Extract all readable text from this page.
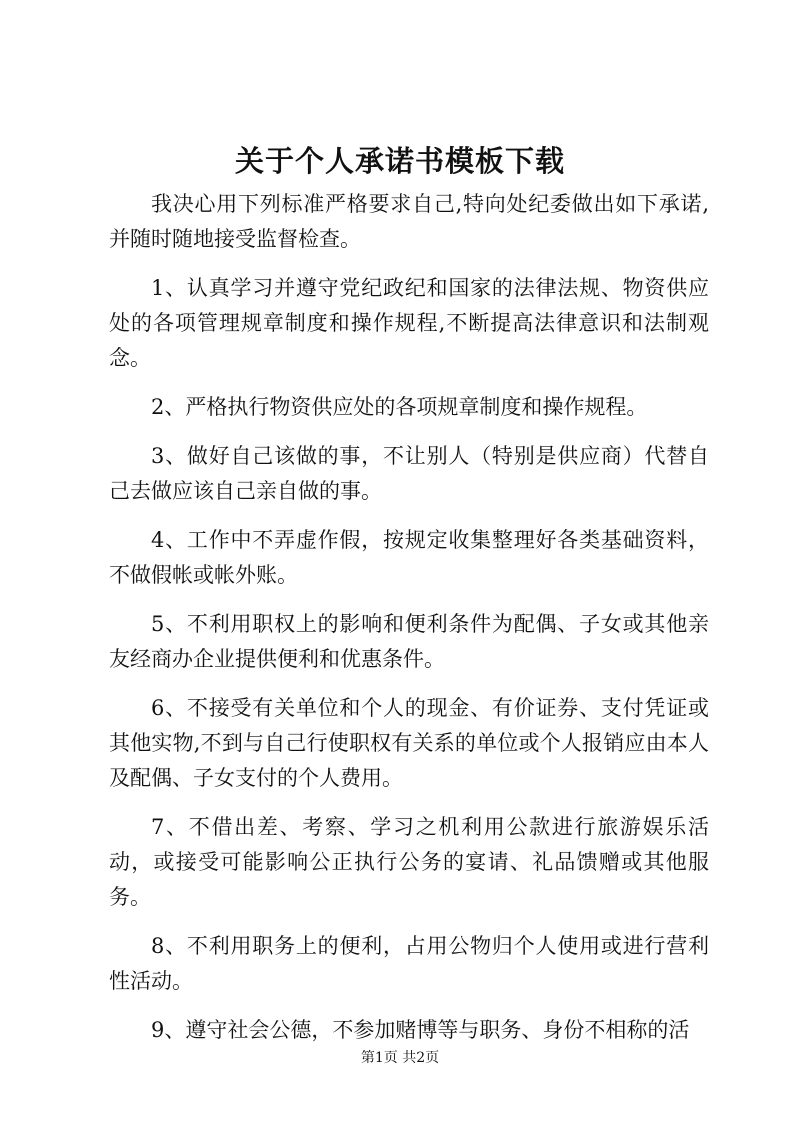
关于个人承诺书模板下载

我决心用下列标准严格要求自己,特向处纪委做出如下承诺,并随时随地接受监督检查。

1、认真学习并遵守党纪政纪和国家的法律法规、物资供应处的各项管理规章制度和操作规程,不断提高法律意识和法制观念。

2、严格执行物资供应处的各项规章制度和操作规程。

3、做好自己该做的事，不让别人（特别是供应商）代替自己去做应该自己亲自做的事。

4、工作中不弄虚作假，按规定收集整理好各类基础资料，不做假帐或帐外账。

5、不利用职权上的影响和便利条件为配偶、子女或其他亲友经商办企业提供便利和优惠条件。

6、不接受有关单位和个人的现金、有价证券、支付凭证或其他实物,不到与自己行使职权有关系的单位或个人报销应由本人及配偶、子女支付的个人费用。

7、不借出差、考察、学习之机利用公款进行旅游娱乐活动，或接受可能影响公正执行公务的宴请、礼品馈赠或其他服务。

8、不利用职务上的便利，占用公物归个人使用或进行营利性活动。

9、遵守社会公德，不参加赌博等与职务、身份不相称的活

第1页 共2页
